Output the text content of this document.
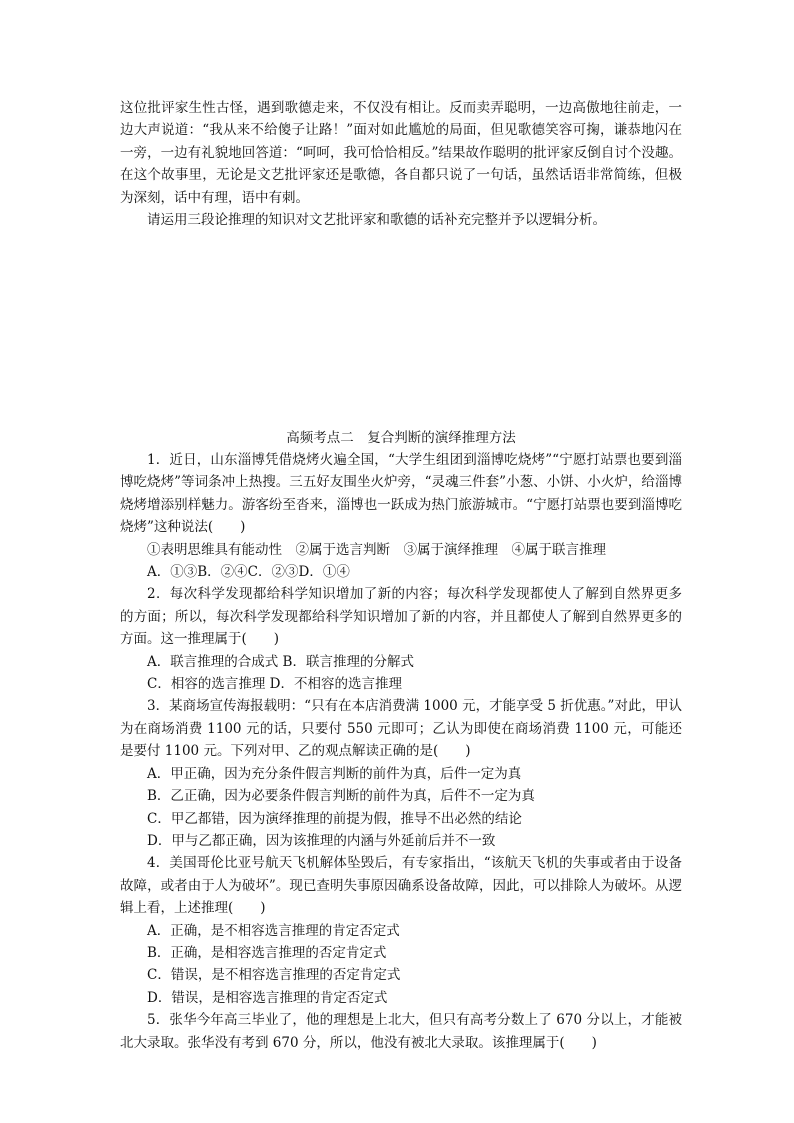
这位批评家生性古怪，遇到歌德走来，不仅没有相让。反而卖弄聪明，一边高傲地往前走，一边大声说道：“我从来不给傻子让路！”面对如此尴尬的局面，但见歌德笑容可掬，谦恭地闪在一旁，一边有礼貌地回答道：“呵呵，我可恰恰相反。”结果故作聪明的批评家反倒自讨个没趣。在这个故事里，无论是文艺批评家还是歌德，各自都只说了一句话，虽然话语非常简练，但极为深刻，话中有理，语中有刺。

请运用三段论推理的知识对文艺批评家和歌德的话补充完整并予以逻辑分析。

高频考点二　复合判断的演绎推理方法

1．近日，山东淄博凭借烧烤火遍全国，“大学生组团到淄博吃烧烤”“宁愿打站票也要到淄博吃烧烤”等词条冲上热搜。三五好友围坐火炉旁，“灵魂三件套”小葱、小饼、小火炉，给淄博烧烤增添别样魅力。游客纷至沓来，淄博也一跃成为热门旅游城市。“宁愿打站票也要到淄博吃烧烤”这种说法(　　)

①表明思维具有能动性　②属于选言判断　③属于演绎推理　④属于联言推理

A．①③B．②④C．②③D．①④

2．每次科学发现都给科学知识增加了新的内容；每次科学发现都使人了解到自然界更多的方面；所以，每次科学发现都给科学知识增加了新的内容，并且都使人了解到自然界更多的方面。这一推理属于(　　)

A．联言推理的合成式 B．联言推理的分解式

C．相容的选言推理 D．不相容的选言推理

3．某商场宣传海报载明：“只有在本店消费满 1000 元，才能享受 5 折优惠。”对此，甲认为在商场消费 1100 元的话，只要付 550 元即可；乙认为即使在商场消费 1100 元，可能还是要付 1100 元。下列对甲、乙的观点解读正确的是(　　)

A．甲正确，因为充分条件假言判断的前件为真，后件一定为真

B．乙正确，因为必要条件假言判断的前件为真，后件不一定为真

C．甲乙都错，因为演绎推理的前提为假，推导不出必然的结论

D．甲与乙都正确，因为该推理的内涵与外延前后并不一致

4．美国哥伦比亚号航天飞机解体坠毁后，有专家指出，“该航天飞机的失事或者由于设备故障，或者由于人为破坏”。现已查明失事原因确系设备故障，因此，可以排除人为破坏。从逻辑上看，上述推理(　　)

A．正确，是不相容选言推理的肯定否定式

B．正确，是相容选言推理的否定肯定式

C．错误，是不相容选言推理的否定肯定式

D．错误，是相容选言推理的肯定否定式

5．张华今年高三毕业了，他的理想是上北大，但只有高考分数上了 670 分以上，才能被北大录取。张华没有考到 670 分，所以，他没有被北大录取。该推理属于(　　)
